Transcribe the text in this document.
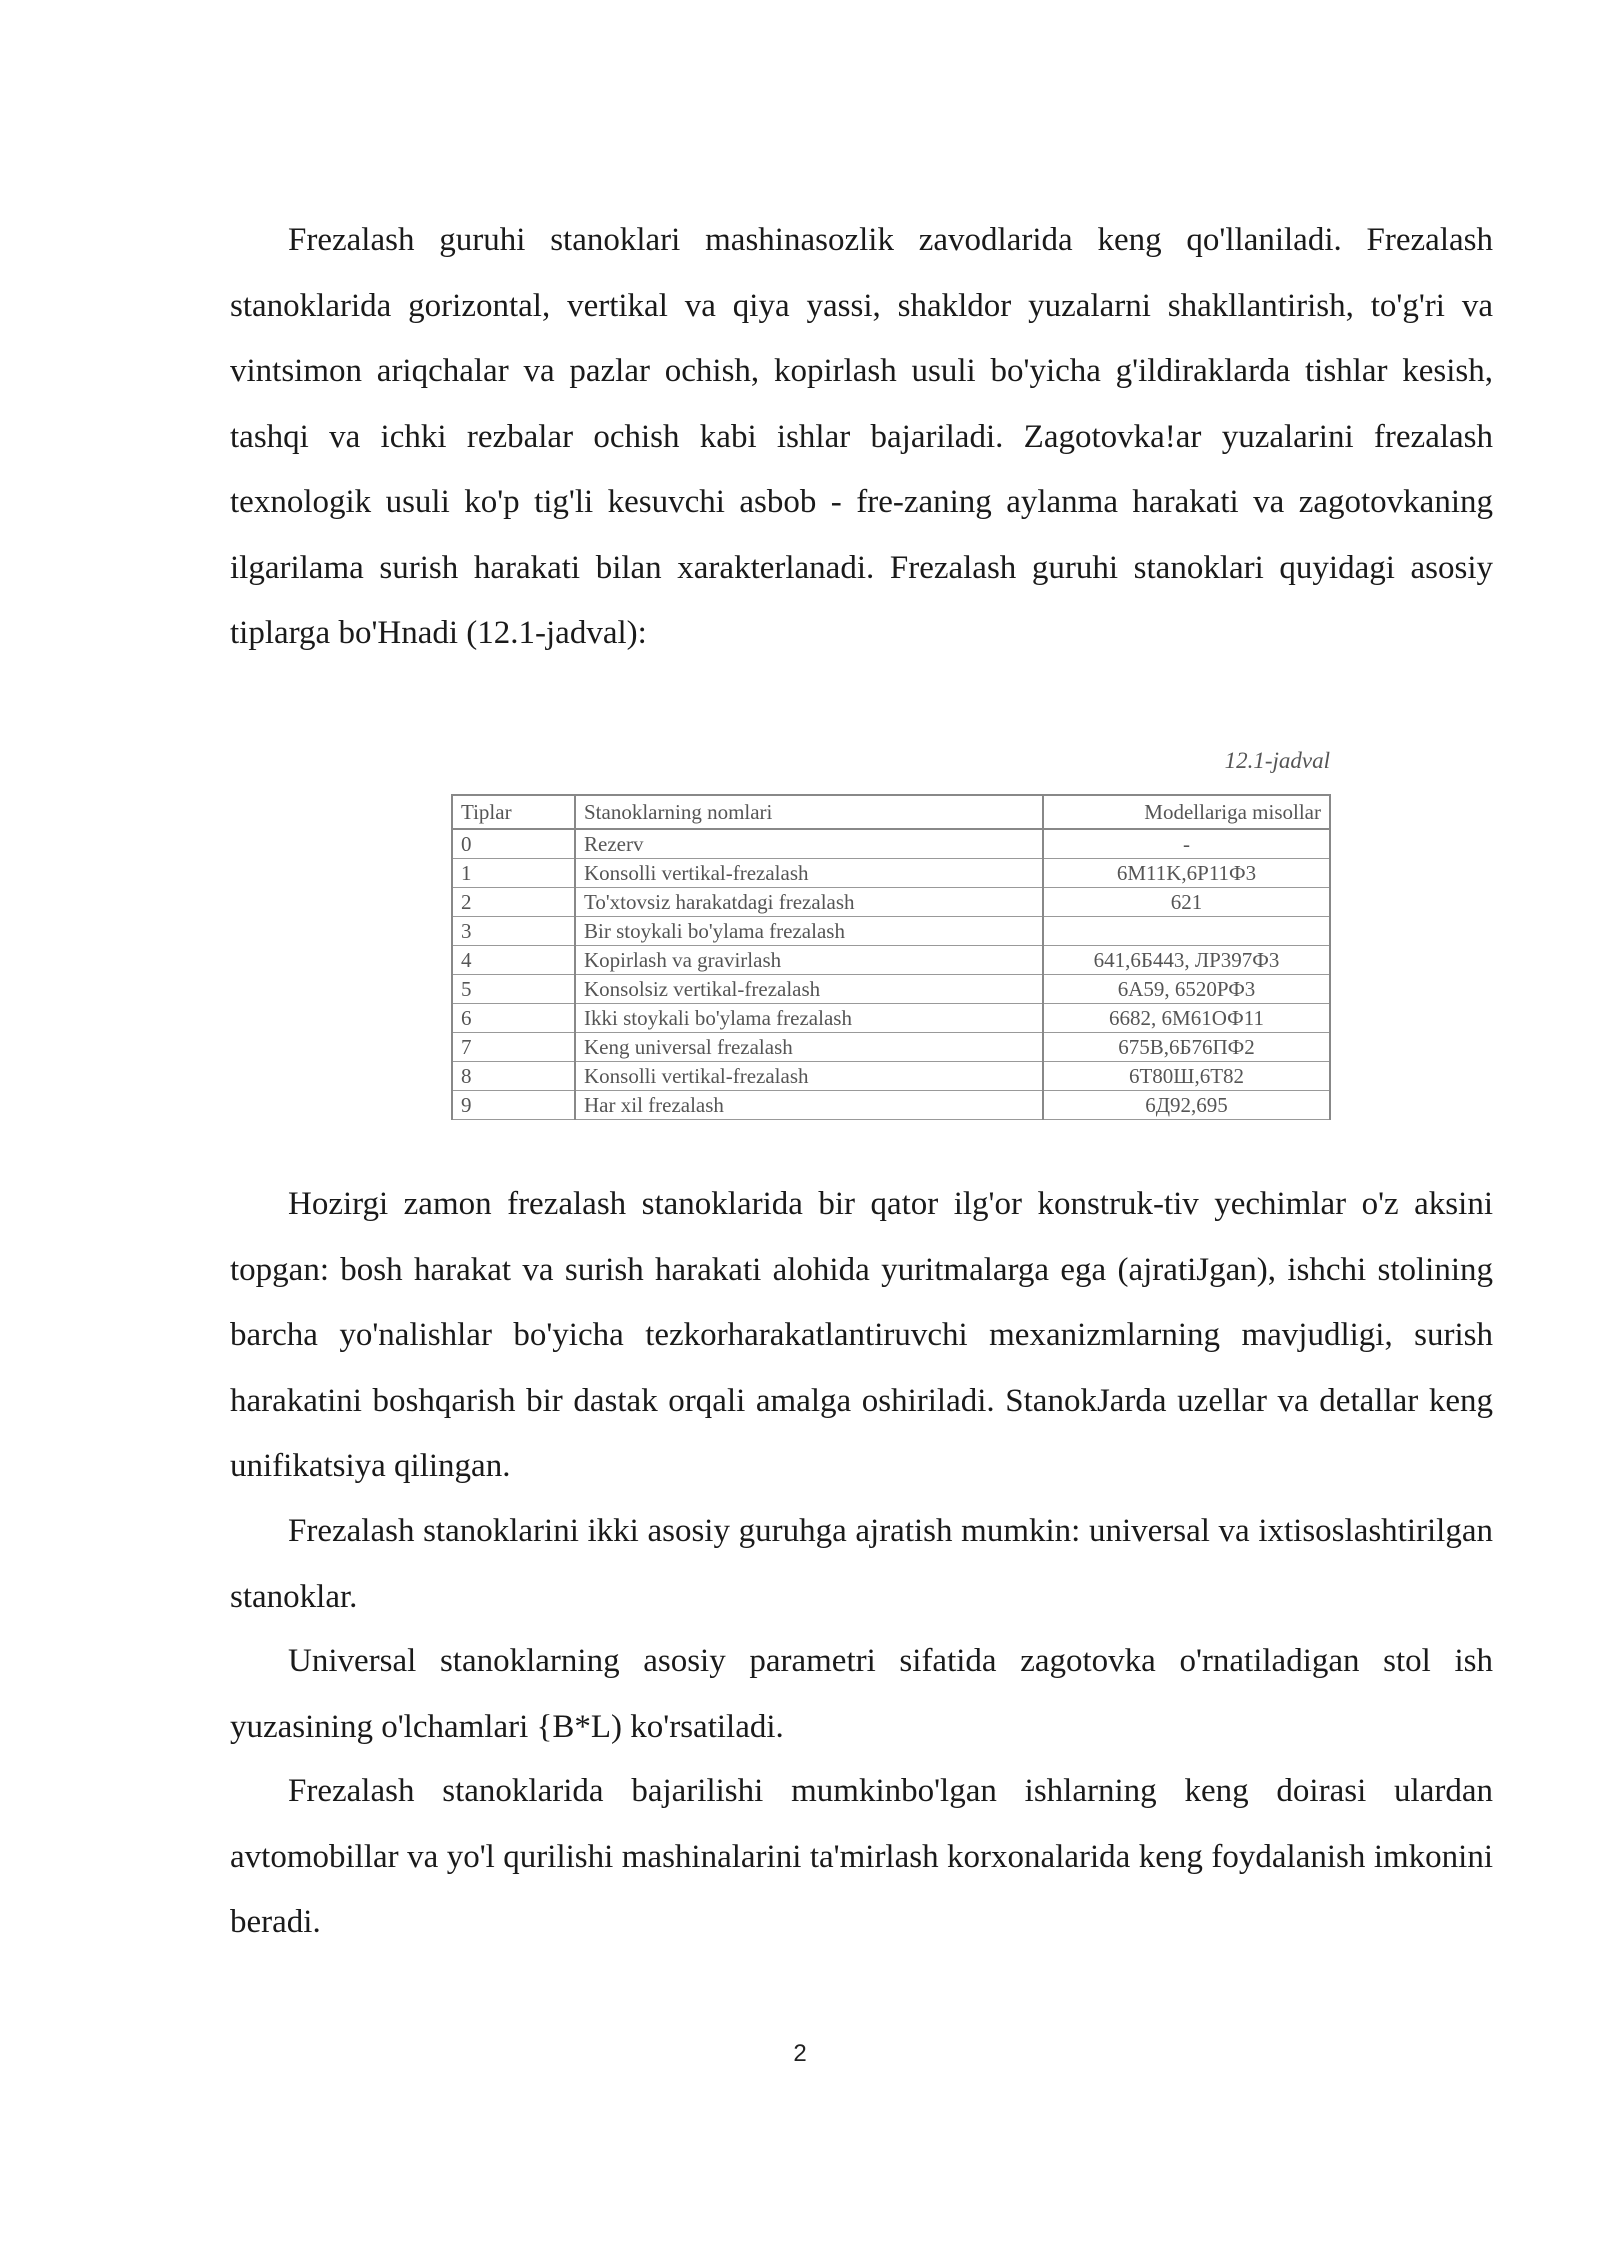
Frezalash guruhi stanoklari mashinasozlik zavodlarida keng qo'llaniladi. Frezalash stanoklarida gorizontal, vertikal va qiya yassi, shakldor yuzalarni shakllantirish, to'g'ri va vintsimon ariqchalar va pazlar ochish, kopirlash usuli bo'yicha g'ildiraklarda tishlar kesish, tashqi va ichki rezbalar ochish kabi ishlar bajariladi. Zagotovka!ar yuzalarini frezalash texnologik usuli ko'p tig'li kesuvchi asbob - fre-zaning aylanma harakati va zagotovkaning ilgarilama surish harakati bilan xarakterlanadi. Frezalash guruhi stanoklari quyidagi asosiy tiplarga bo'Hnadi (12.1-jadval):

12.1-jadval
Tiplar	Stanoklarning nomlari	Modellariga misollar
0	Rezerv	-
1	Konsolli vertikal-frezalash	6M11K,6P11Ф3
2	To'xtovsiz harakatdagi frezalash	621
3	Bir stoykali bo'ylama frezalash	
4	Kopirlash va gravirlash	641,6Б443, ЛР397Ф3
5	Konsolsiz vertikal-frezalash	6A59, 6520РФ3
6	Ikki stoykali bo'ylama frezalash	6682, 6M61ОФ11
7	Keng universal frezalash	675B,6Б76ПФ2
8	Konsolli vertikal-frezalash	6T80Ш,6T82
9	Har xil frezalash	6Д92,695

Hozirgi zamon frezalash stanoklarida bir qator ilg'or konstruk-tiv yechimlar o'z aksini topgan: bosh harakat va surish harakati alohida yuritmalarga ega (ajratiJgan), ishchi stolining barcha yo'nalishlar bo'yicha tezkorharakatlantiruvchi mexanizmlarning mavjudligi, surish harakatini boshqarish bir dastak orqali amalga oshiriladi. StanokJarda uzellar va detallar keng unifikatsiya qilingan.

Frezalash stanoklarini ikki asosiy guruhga ajratish mumkin: universal va ixtisoslashtirilgan stanoklar.

Universal stanoklarning asosiy parametri sifatida zagotovka o'rnatiladigan stol ish yuzasining o'lchamlari {B*L) ko'rsatiladi.

Frezalash stanoklarida bajarilishi mumkinbo'lgan ishlarning keng doirasi ulardan avtomobillar va yo'l qurilishi mashinalarini ta'mirlash korxonalarida keng foydalanish imkonini beradi.

2
